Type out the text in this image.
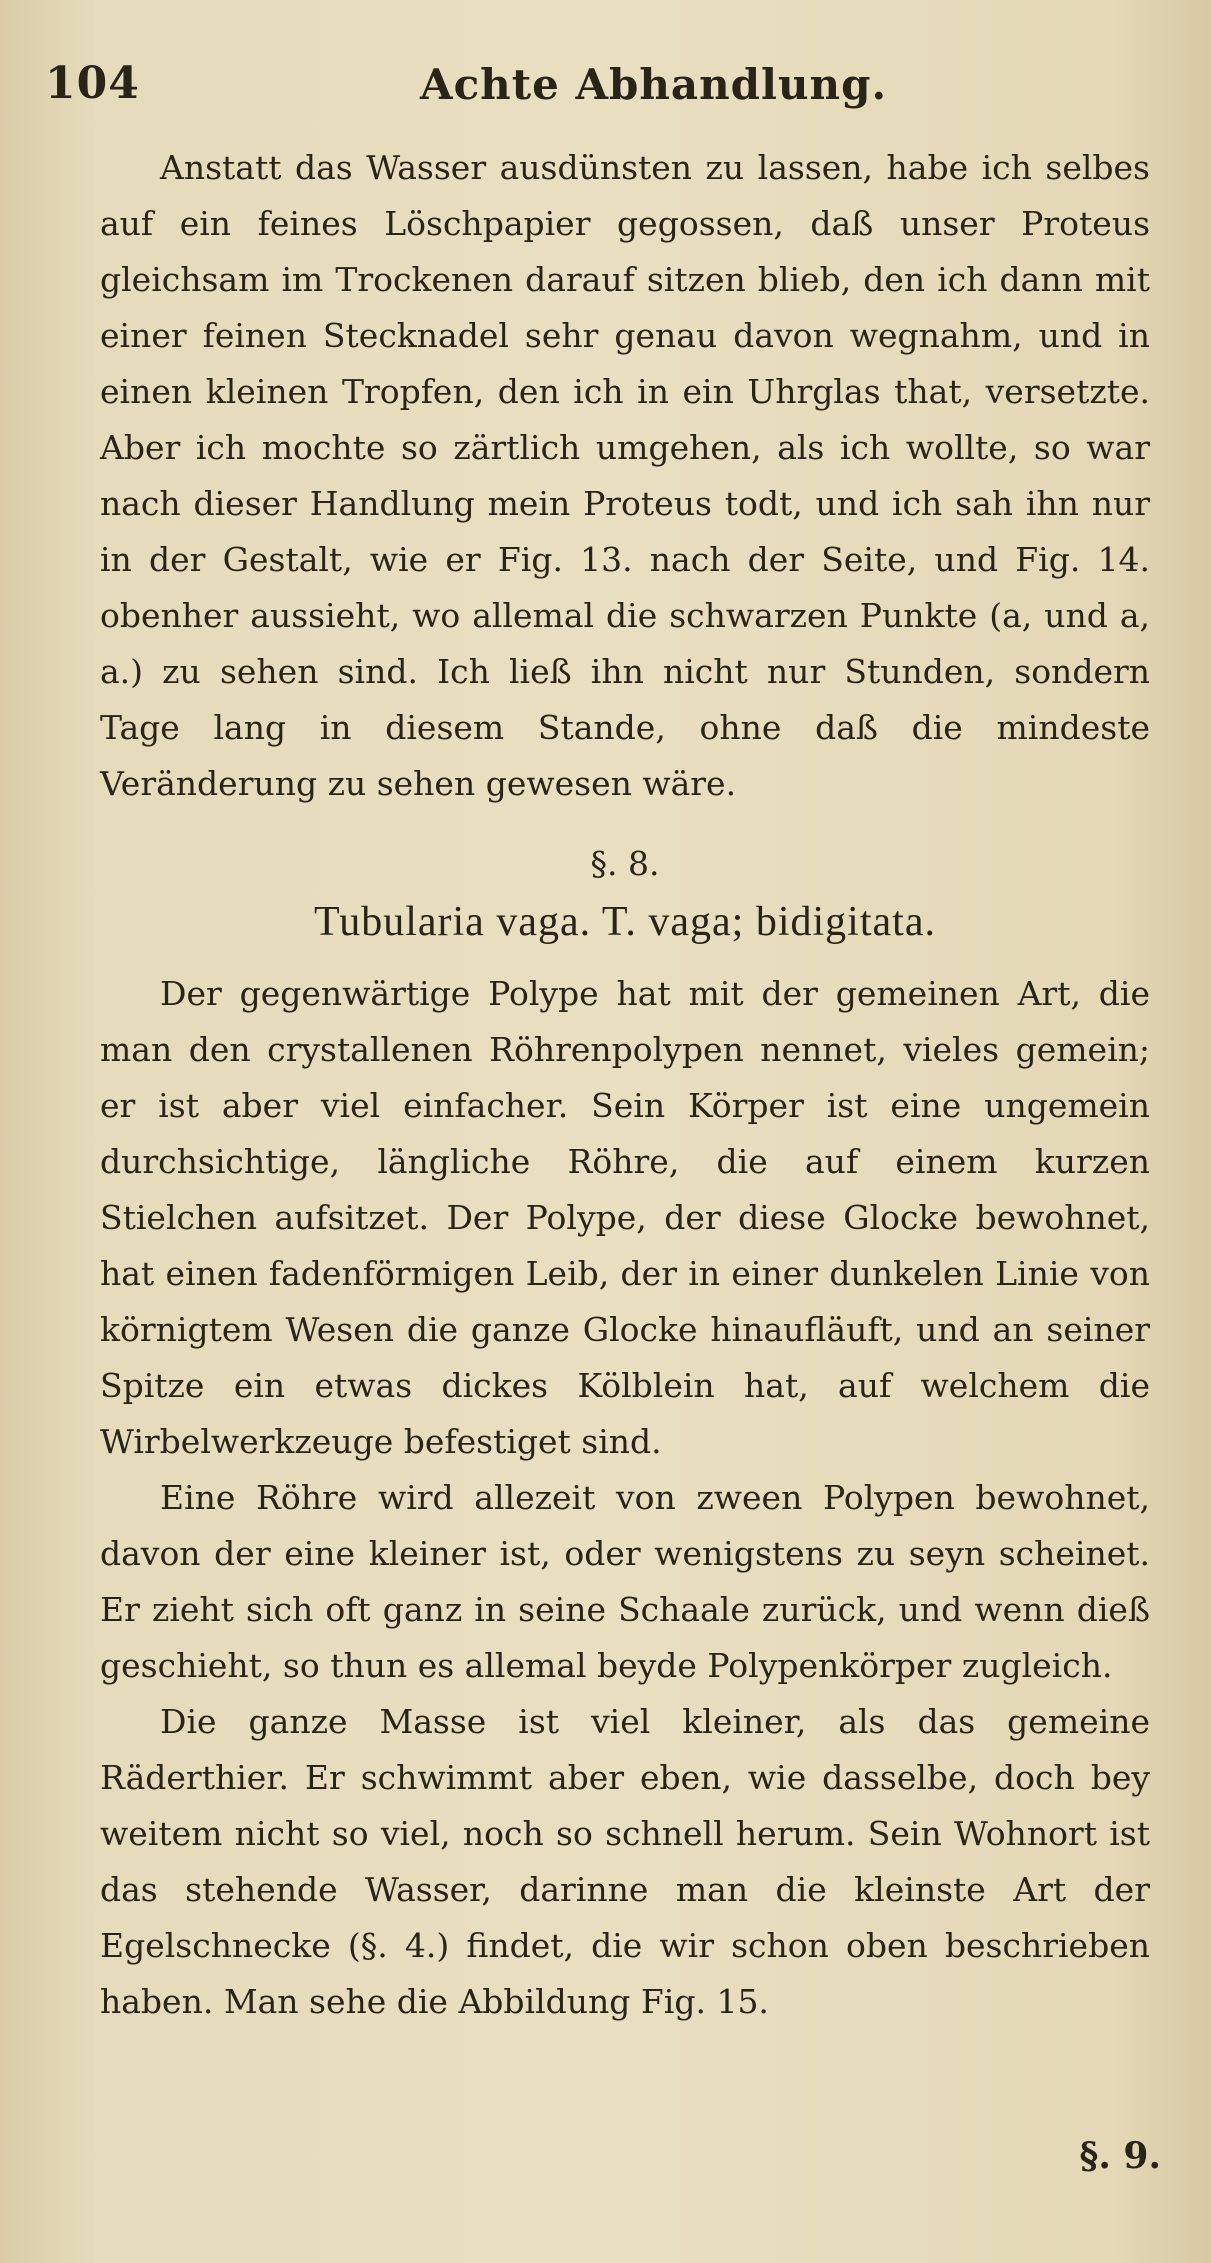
104	Achte Abhandlung.

Anstatt das Wasser ausdünsten zu lassen, habe ich selbes auf ein feines Löschpapier gegossen, daß unser Proteus gleichsam im Trockenen darauf sitzen blieb, den ich dann mit einer feinen Stecknadel sehr genau davon wegnahm, und in einen kleinen Tropfen, den ich in ein Uhrglas that, versetzte. Aber ich mochte so zärtlich umgehen, als ich wollte, so war nach dieser Handlung mein Proteus todt, und ich sah ihn nur in der Gestalt, wie er Fig. 13. nach der Seite, und Fig. 14. obenher aussieht, wo allemal die schwarzen Punkte (a, und a, a.) zu sehen sind. Ich ließ ihn nicht nur Stunden, sondern Tage lang in diesem Stande, ohne daß die mindeste Veränderung zu sehen gewesen wäre.

§. 8.
Tubularia vaga. T. vaga; bidigitata.

Der gegenwärtige Polype hat mit der gemeinen Art, die man den crystallenen Röhrenpolypen nennet, vieles gemein; er ist aber viel einfacher. Sein Körper ist eine ungemein durchsichtige, längliche Röhre, die auf einem kurzen Stielchen aufsitzet. Der Polype, der diese Glocke bewohnet, hat einen fadenförmigen Leib, der in einer dunkelen Linie von körnigtem Wesen die ganze Glocke hinaufläuft, und an seiner Spitze ein etwas dickes Kölblein hat, auf welchem die Wirbelwerkzeuge befestiget sind.

Eine Röhre wird allezeit von zween Polypen bewohnet, davon der eine kleiner ist, oder wenigstens zu seyn scheinet. Er zieht sich oft ganz in seine Schaale zurück, und wenn dieß geschieht, so thun es allemal beyde Polypenkörper zugleich.

Die ganze Masse ist viel kleiner, als das gemeine Räderthier. Er schwimmt aber eben, wie dasselbe, doch bey weitem nicht so viel, noch so schnell herum. Sein Wohnort ist das stehende Wasser, darinne man die kleinste Art der Egelschnecke (§. 4.) findet, die wir schon oben beschrieben haben. Man sehe die Abbildung Fig. 15.

§. 9.
